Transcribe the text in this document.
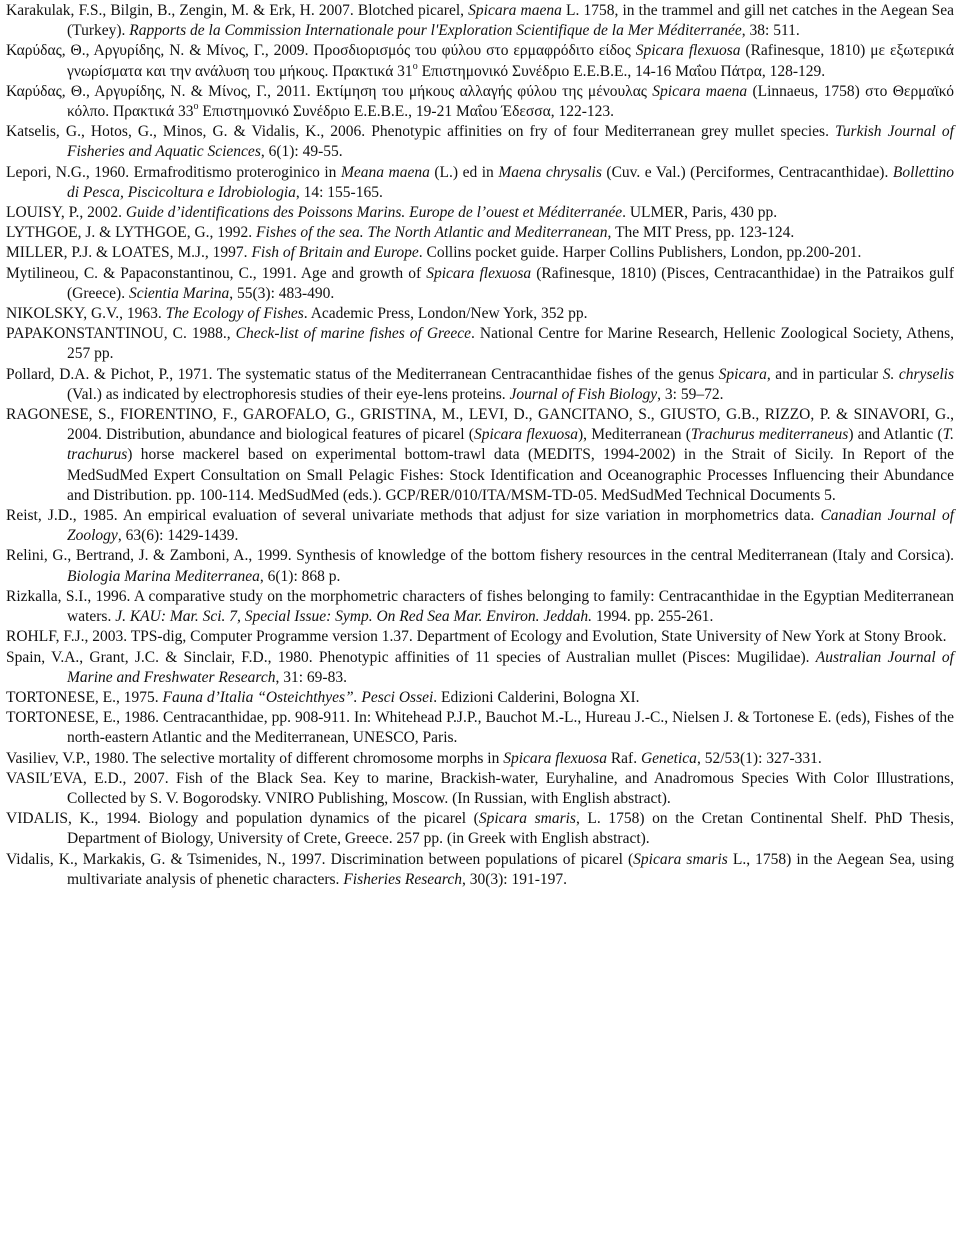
Karakulak, F.S., Bilgin, B., Zengin, M. & Erk, H. 2007. Blotched picarel, Spicara maena L. 1758, in the trammel and gill net catches in the Aegean Sea (Turkey). Rapports de la Commission Internationale pour l'Exploration Scientifique de la Mer Méditerranée, 38: 511.

Καρύδας, Θ., Αργυρίδης, Ν. & Μίνος, Γ., 2009. Προσδιορισμός του φύλου στο ερμαφρόδιτο είδος Spicara flexuosa (Rafinesque, 1810) με εξωτερικά γνωρίσματα και την ανάλυση του μήκους. Πρακτικά $31^o$ Επιστημονικό Συνέδριο Ε.Ε.Β.Ε., 14-16 Μαΐου Πάτρα, 128-129.

Καρύδας, Θ., Αργυρίδης, Ν. & Μίνος, Γ., 2011. Εκτίμηση του μήκους αλλαγής φύλου της μένουλας Spicara maena (Linnaeus, 1758) στο Θερμαϊκό κόλπο. Πρακτικά $33^o$ Επιστημονικό Συνέδριο Ε.Ε.Β.Ε., 19-21 Μαΐου Έδεσσα, 122-123.

Katselis, G., Hotos, G., Minos, G. & Vidalis, K., 2006. Phenotypic affinities on fry of four Mediterranean grey mullet species. Turkish Journal of Fisheries and Aquatic Sciences, 6(1): 49-55.

Lepori, N.G., 1960. Ermafroditismo proteroginico in Meana maena (L.) ed in Maena chrysalis (Cuv. e Val.) (Perciformes, Centracanthidae). Bollettino di Pesca, Piscicoltura e Idrobiologia, 14: 155-165.

LOUISY, P., 2002. Guide d’identifications des Poissons Marins. Europe de l’ouest et Méditerranée. ULMER, Paris, 430 pp.

LYTHGOE, J. & LYTHGOE, G., 1992. Fishes of the sea. The North Atlantic and Mediterranean, The MIT Press, pp. 123-124.

MILLER, P.J. & LOATES, M.J., 1997. Fish of Britain and Europe. Collins pocket guide. Harper Collins Publishers, London, pp.200-201.

Mytilineou, C. & Papaconstantinou, C., 1991. Age and growth of Spicara flexuosa (Rafinesque, 1810) (Pisces, Centracanthidae) in the Patraikos gulf (Greece). Scientia Marina, 55(3): 483-490.

NIKOLSKY, G.V., 1963. The Ecology of Fishes. Academic Press, London/New York, 352 pp.

PAPAKONSTANTINOU, C. 1988., Check-list of marine fishes of Greece. National Centre for Marine Research, Hellenic Zoological Society, Athens, 257 pp.

Pollard, D.A. & Pichot, P., 1971. The systematic status of the Mediterranean Centracanthidae fishes of the genus Spicara, and in particular S. chryselis (Val.) as indicated by electrophoresis studies of their eye-lens proteins. Journal of Fish Biology, 3: 59–72.

RAGONESE, S., FIORENTINO, F., GAROFALO, G., GRISTINA, M., LEVI, D., GANCITANO, S., GIUSTO, G.B., RIZZO, P. & SINAVORI, G., 2004. Distribution, abundance and biological features of picarel (Spicara flexuosa), Mediterranean (Trachurus mediterraneus) and Atlantic (T. trachurus) horse mackerel based on experimental bottom-trawl data (MEDITS, 1994-2002) in the Strait of Sicily. In Report of the MedSudMed Expert Consultation on Small Pelagic Fishes: Stock Identification and Oceanographic Processes Influencing their Abundance and Distribution. pp. 100-114. MedSudMed (eds.). GCP/RER/010/ITA/MSM-TD-05. MedSudMed Technical Documents 5.

Reist, J.D., 1985. An empirical evaluation of several univariate methods that adjust for size variation in morphometrics data. Canadian Journal of Zoology, 63(6): 1429-1439.

Relini, G., Bertrand, J. & Zamboni, A., 1999. Synthesis of knowledge of the bottom fishery resources in the central Mediterranean (Italy and Corsica). Biologia Marina Mediterranea, 6(1): 868 p.

Rizkalla, S.I., 1996. A comparative study on the morphometric characters of fishes belonging to family: Centracanthidae in the Egyptian Mediterranean waters. J. KAU: Mar. Sci. 7, Special Issue: Symp. On Red Sea Mar. Environ. Jeddah. 1994. pp. 255-261.

ROHLF, F.J., 2003. TPS-dig, Computer Programme version 1.37. Department of Ecology and Evolution, State University of New York at Stony Brook.

Spain, V.A., Grant, J.C. & Sinclair, F.D., 1980. Phenotypic affinities of 11 species of Australian mullet (Pisces: Mugilidae). Australian Journal of Marine and Freshwater Research, 31: 69-83.

TORTONESE, E., 1975. Fauna d’Italia “Osteichthyes”. Pesci Ossei. Edizioni Calderini, Bologna XI.

TORTONESE, E., 1986. Centracanthidae, pp. 908-911. In: Whitehead P.J.P., Bauchot M.-L., Hureau J.-C., Nielsen J. & Tortonese E. (eds), Fishes of the north-eastern Atlantic and the Mediterranean, UNESCO, Paris.

Vasiliev, V.P., 1980. The selective mortality of different chromosome morphs in Spicara flexuosa Raf. Genetica, 52/53(1): 327-331.

VASILʹEVA, E.D., 2007. Fish of the Black Sea. Key to marine, Brackish-water, Euryhaline, and Anadromous Species With Color Illustrations, Collected by S. V. Bogorodsky. VNIRO Publishing, Moscow. (In Russian, with English abstract).

VIDALIS, K., 1994. Biology and population dynamics of the picarel (Spicara smaris, L. 1758) on the Cretan Continental Shelf. PhD Thesis, Department of Biology, University of Crete, Greece. 257 pp. (in Greek with English abstract).

Vidalis, K., Markakis, G. & Tsimenides, N., 1997. Discrimination between populations of picarel (Spicara smaris L., 1758) in the Aegean Sea, using multivariate analysis of phenetic characters. Fisheries Research, 30(3): 191-197.
